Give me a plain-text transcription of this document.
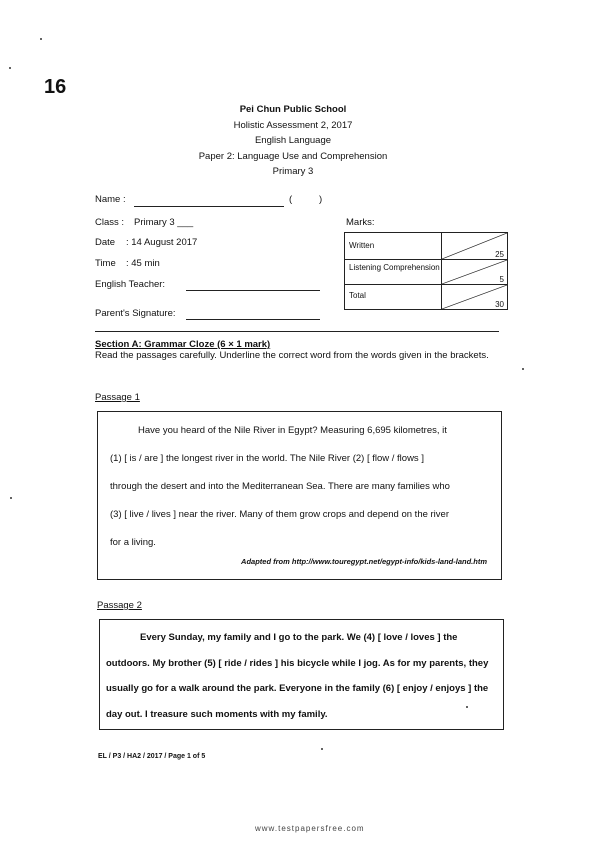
16
Pei Chun Public School
Holistic Assessment 2, 2017
English Language
Paper 2: Language Use and Comprehension
Primary 3
Name :	(	)
Class : Primary 3 ___
Date : 14 August 2017
Time : 45 min
English Teacher:
Parent's Signature:
Marks:
Written	25
Listening Comprehension	5
Total	30
Section A: Grammar Cloze (6 × 1 mark)
Read the passages carefully. Underline the correct word from the words given in the brackets.
Passage 1

Have you heard of the Nile River in Egypt? Measuring 6,695 kilometres, it

(1) [ is / are ] the longest river in the world. The Nile River (2) [ flow / flows ]

through the desert and into the Mediterranean Sea. There are many families who

(3) [ live / lives ] near the river. Many of them grow crops and depend on the river

for a living.

Adapted from http://www.touregypt.net/egypt-info/kids-land-land.htm
Passage 2

Every Sunday, my family and I go to the park. We (4) [ love / loves ] the

outdoors. My brother (5) [ ride / rides ] his bicycle while I jog. As for my parents, they

usually go for a walk around the park. Everyone in the family (6) [ enjoy / enjoys ] the

day out. I treasure such moments with my family.

EL / P3 / HA2 / 2017 / Page 1 of 5
www.testpapersfree.com
